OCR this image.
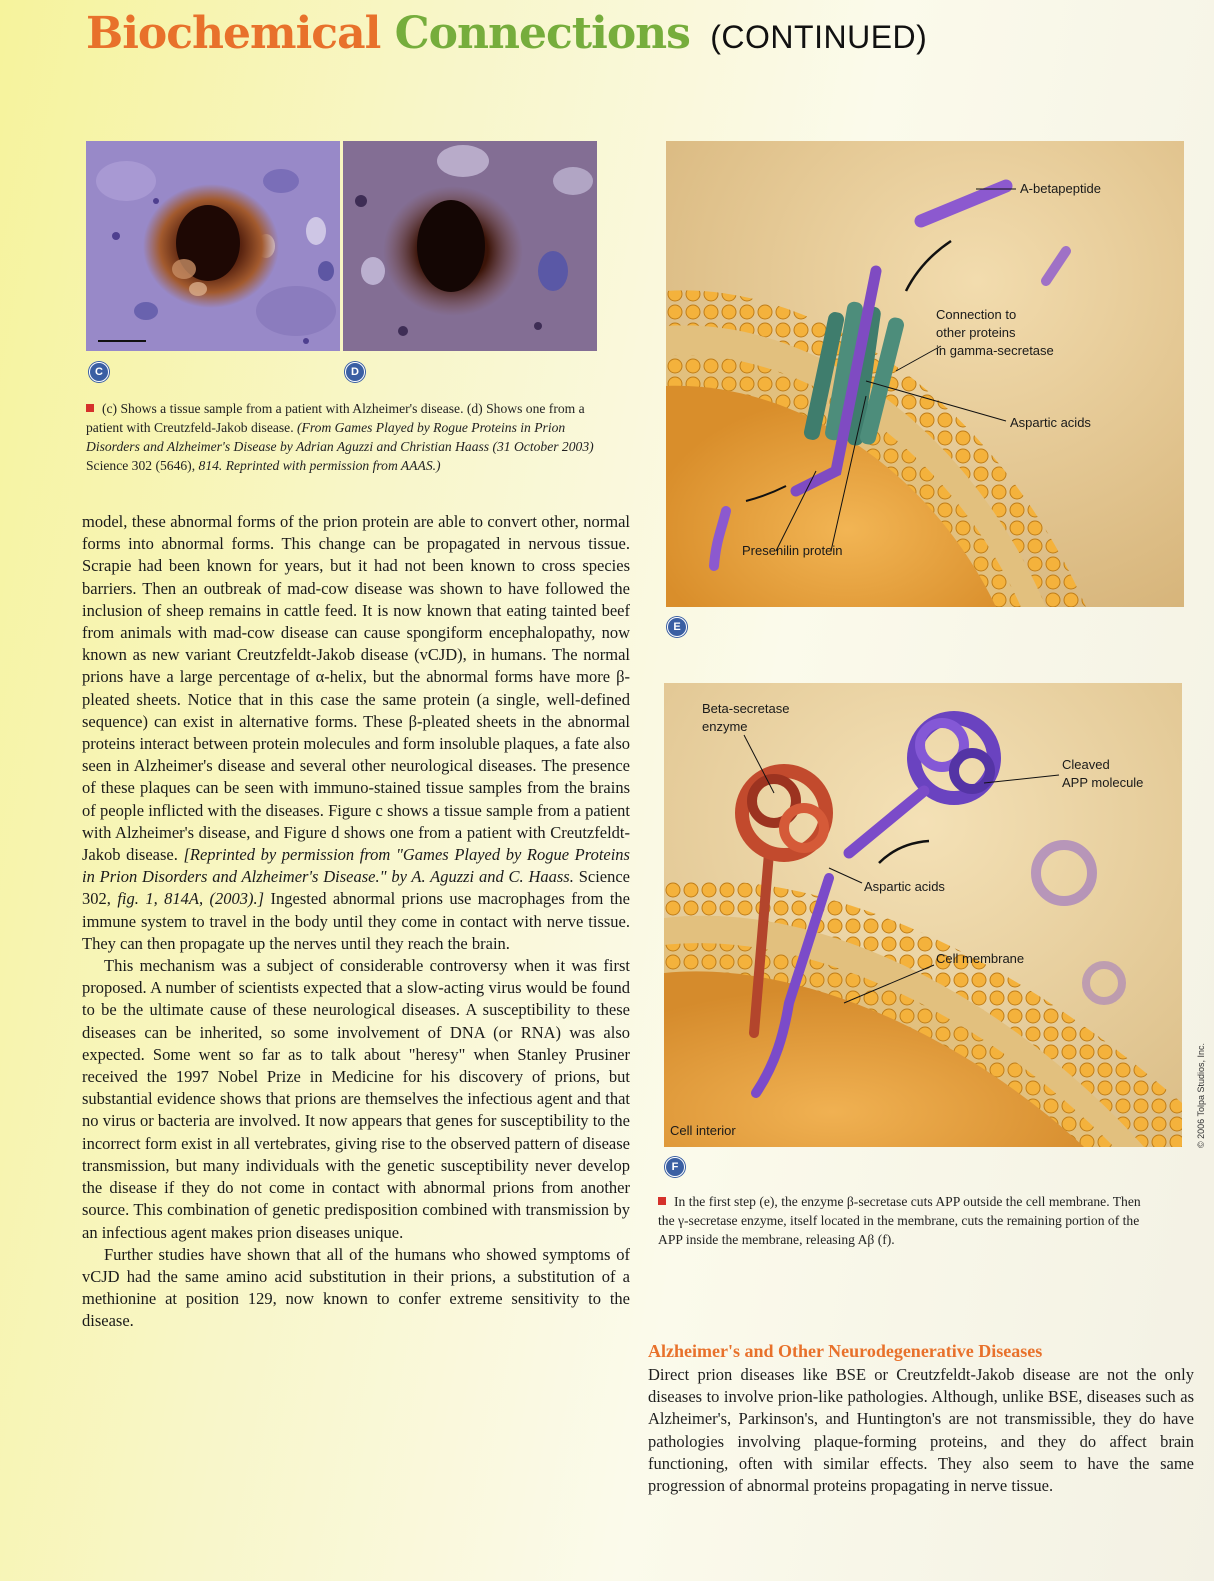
Biochemical Connections (CONTINUED)
C	D
(c) Shows a tissue sample from a patient with Alzheimer's disease. (d) Shows one from a patient with Creutzfeld-Jakob disease. (From Games Played by Rogue Proteins in Prion Disorders and Alzheimer's Disease by Adrian Aguzzi and Christian Haass (31 October 2003) Science 302 (5646), 814. Reprinted with permission from AAAS.)

model, these abnormal forms of the prion protein are able to convert other, normal forms into abnormal forms. This change can be propagated in nervous tissue. Scrapie had been known for years, but it had not been known to cross species barriers. Then an outbreak of mad-cow disease was shown to have followed the inclusion of sheep remains in cattle feed. It is now known that eating tainted beef from animals with mad-cow disease can cause spongiform encephalopathy, now known as new variant Creutzfeldt-Jakob disease (vCJD), in humans. The normal prions have a large percentage of α-helix, but the abnormal forms have more β-pleated sheets. Notice that in this case the same protein (a single, well-defined sequence) can exist in alternative forms. These β-pleated sheets in the abnormal proteins interact between protein molecules and form insoluble plaques, a fate also seen in Alzheimer's disease and several other neurological diseases. The presence of these plaques can be seen with immuno-stained tissue samples from the brains of people inflicted with the diseases. Figure c shows a tissue sample from a patient with Alzheimer's disease, and Figure d shows one from a patient with Creutzfeldt-Jakob disease. [Reprinted by permission from "Games Played by Rogue Proteins in Prion Disorders and Alzheimer's Disease." by A. Aguzzi and C. Haass. Science 302, fig. 1, 814A, (2003).] Ingested abnormal prions use macrophages from the immune system to travel in the body until they come in contact with nerve tissue. They can then propagate up the nerves until they reach the brain.

This mechanism was a subject of considerable controversy when it was first proposed. A number of scientists expected that a slow-acting virus would be found to be the ultimate cause of these neurological diseases. A susceptibility to these diseases can be inherited, so some involvement of DNA (or RNA) was also expected. Some went so far as to talk about "heresy" when Stanley Prusiner received the 1997 Nobel Prize in Medicine for his discovery of prions, but substantial evidence shows that prions are themselves the infectious agent and that no virus or bacteria are involved. It now appears that genes for susceptibility to the incorrect form exist in all vertebrates, giving rise to the observed pattern of disease transmission, but many individuals with the genetic susceptibility never develop the disease if they do not come in contact with abnormal prions from another source. This combination of genetic predisposition combined with transmission by an infectious agent makes prion diseases unique.

Further studies have shown that all of the humans who showed symptoms of vCJD had the same amino acid substitution in their prions, a substitution of a methionine at position 129, now known to confer extreme sensitivity to the disease.

A-betapeptide
Connection to
other proteins
in gamma-secretase
Aspartic acids
Presenilin protein
E
Beta-secretase
enzyme
Cleaved
APP molecule
Aspartic acids
Cell membrane
Cell interior
F
© 2006 Tolpa Studios, Inc.
In the first step (e), the enzyme β-secretase cuts APP outside the cell membrane. Then the γ-secretase enzyme, itself located in the membrane, cuts the remaining portion of the APP inside the membrane, releasing Aβ (f).
Alzheimer's and Other Neurodegenerative Diseases

Direct prion diseases like BSE or Creutzfeldt-Jakob disease are not the only diseases to involve prion-like pathologies. Although, unlike BSE, diseases such as Alzheimer's, Parkinson's, and Huntington's are not transmissible, they do have pathologies involving plaque-forming proteins, and they do affect brain functioning, often with similar effects. They also seem to have the same progression of abnormal proteins propagating in nerve tissue.
